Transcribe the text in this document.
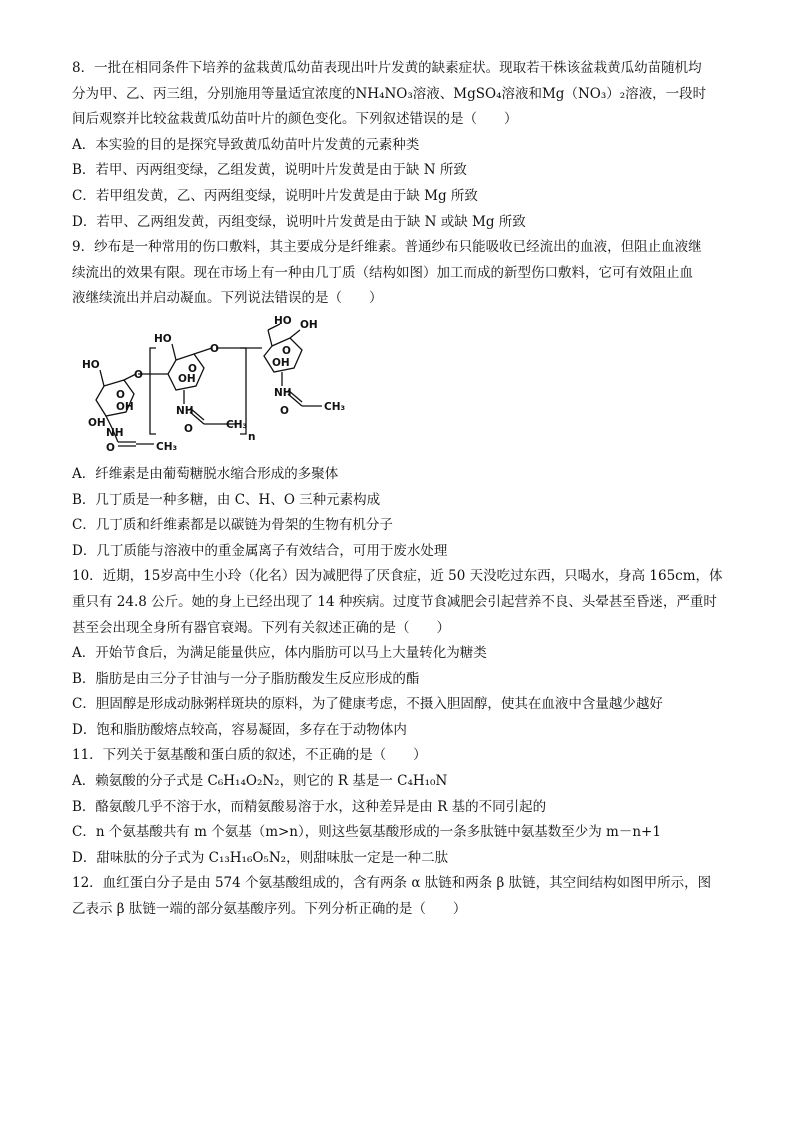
8．一批在相同条件下培养的盆栽黄瓜幼苗表现出叶片发黄的缺素症状。现取若干株该盆栽黄瓜幼苗随机均
分为甲、乙、丙三组，分别施用等量适宜浓度的NH₄NO₃溶液、MgSO₄溶液和Mg（NO₃）₂溶液，一段时
间后观察并比较盆栽黄瓜幼苗叶片的颜色变化。下列叙述错误的是（　　）
A．本实验的目的是探究导致黄瓜幼苗叶片发黄的元素种类
B．若甲、丙两组变绿，乙组发黄，说明叶片发黄是由于缺 N 所致
C．若甲组发黄，乙、丙两组变绿，说明叶片发黄是由于缺 Mg 所致
D．若甲、乙两组发黄，丙组变绿，说明叶片发黄是由于缺 N 或缺 Mg 所致
9．纱布是一种常用的伤口敷料，其主要成分是纤维素。普通纱布只能吸收已经流出的血液，但阻止血液继
续流出的效果有限。现在市场上有一种由几丁质（结构如图）加工而成的新型伤口敷料，它可有效阻止血
液继续流出并启动凝血。下列说法错误的是（　　）
HO
O
O
OH
OH
NH
O	CH₃
HO
O
OH
O
NH
O	CH₃
n
HO OH
O
OH
NH
O	CH₃
A．纤维素是由葡萄糖脱水缩合形成的多聚体
B．几丁质是一种多糖，由 C、H、O 三种元素构成
C．几丁质和纤维素都是以碳链为骨架的生物有机分子
D．几丁质能与溶液中的重金属离子有效结合，可用于废水处理
10．近期，15岁高中生小玲（化名）因为减肥得了厌食症，近 50 天没吃过东西，只喝水，身高 165cm，体
重只有 24.8 公斤。她的身上已经出现了 14 种疾病。过度节食减肥会引起营养不良、头晕甚至昏迷，严重时
甚至会出现全身所有器官衰竭。下列有关叙述正确的是（　　）
A．开始节食后，为满足能量供应，体内脂肪可以马上大量转化为糖类
B．脂肪是由三分子甘油与一分子脂肪酸发生反应形成的酯
C．胆固醇是形成动脉粥样斑块的原料，为了健康考虑，不摄入胆固醇，使其在血液中含量越少越好
D．饱和脂肪酸熔点较高，容易凝固，多存在于动物体内
11．下列关于氨基酸和蛋白质的叙述，不正确的是（　　）
A．赖氨酸的分子式是 C₆H₁₄O₂N₂，则它的 R 基是一 C₄H₁₀N
B．酪氨酸几乎不溶于水，而精氨酸易溶于水，这种差异是由 R 基的不同引起的
C．n 个氨基酸共有 m 个氨基（m>n），则这些氨基酸形成的一条多肽链中氨基数至少为 m－n+1
D．甜味肽的分子式为 C₁₃H₁₆O₅N₂，则甜味肽一定是一种二肽
12．血红蛋白分子是由 574 个氨基酸组成的，含有两条 α 肽链和两条 β 肽链，其空间结构如图甲所示，图
乙表示 β 肽链一端的部分氨基酸序列。下列分析正确的是（　　）
